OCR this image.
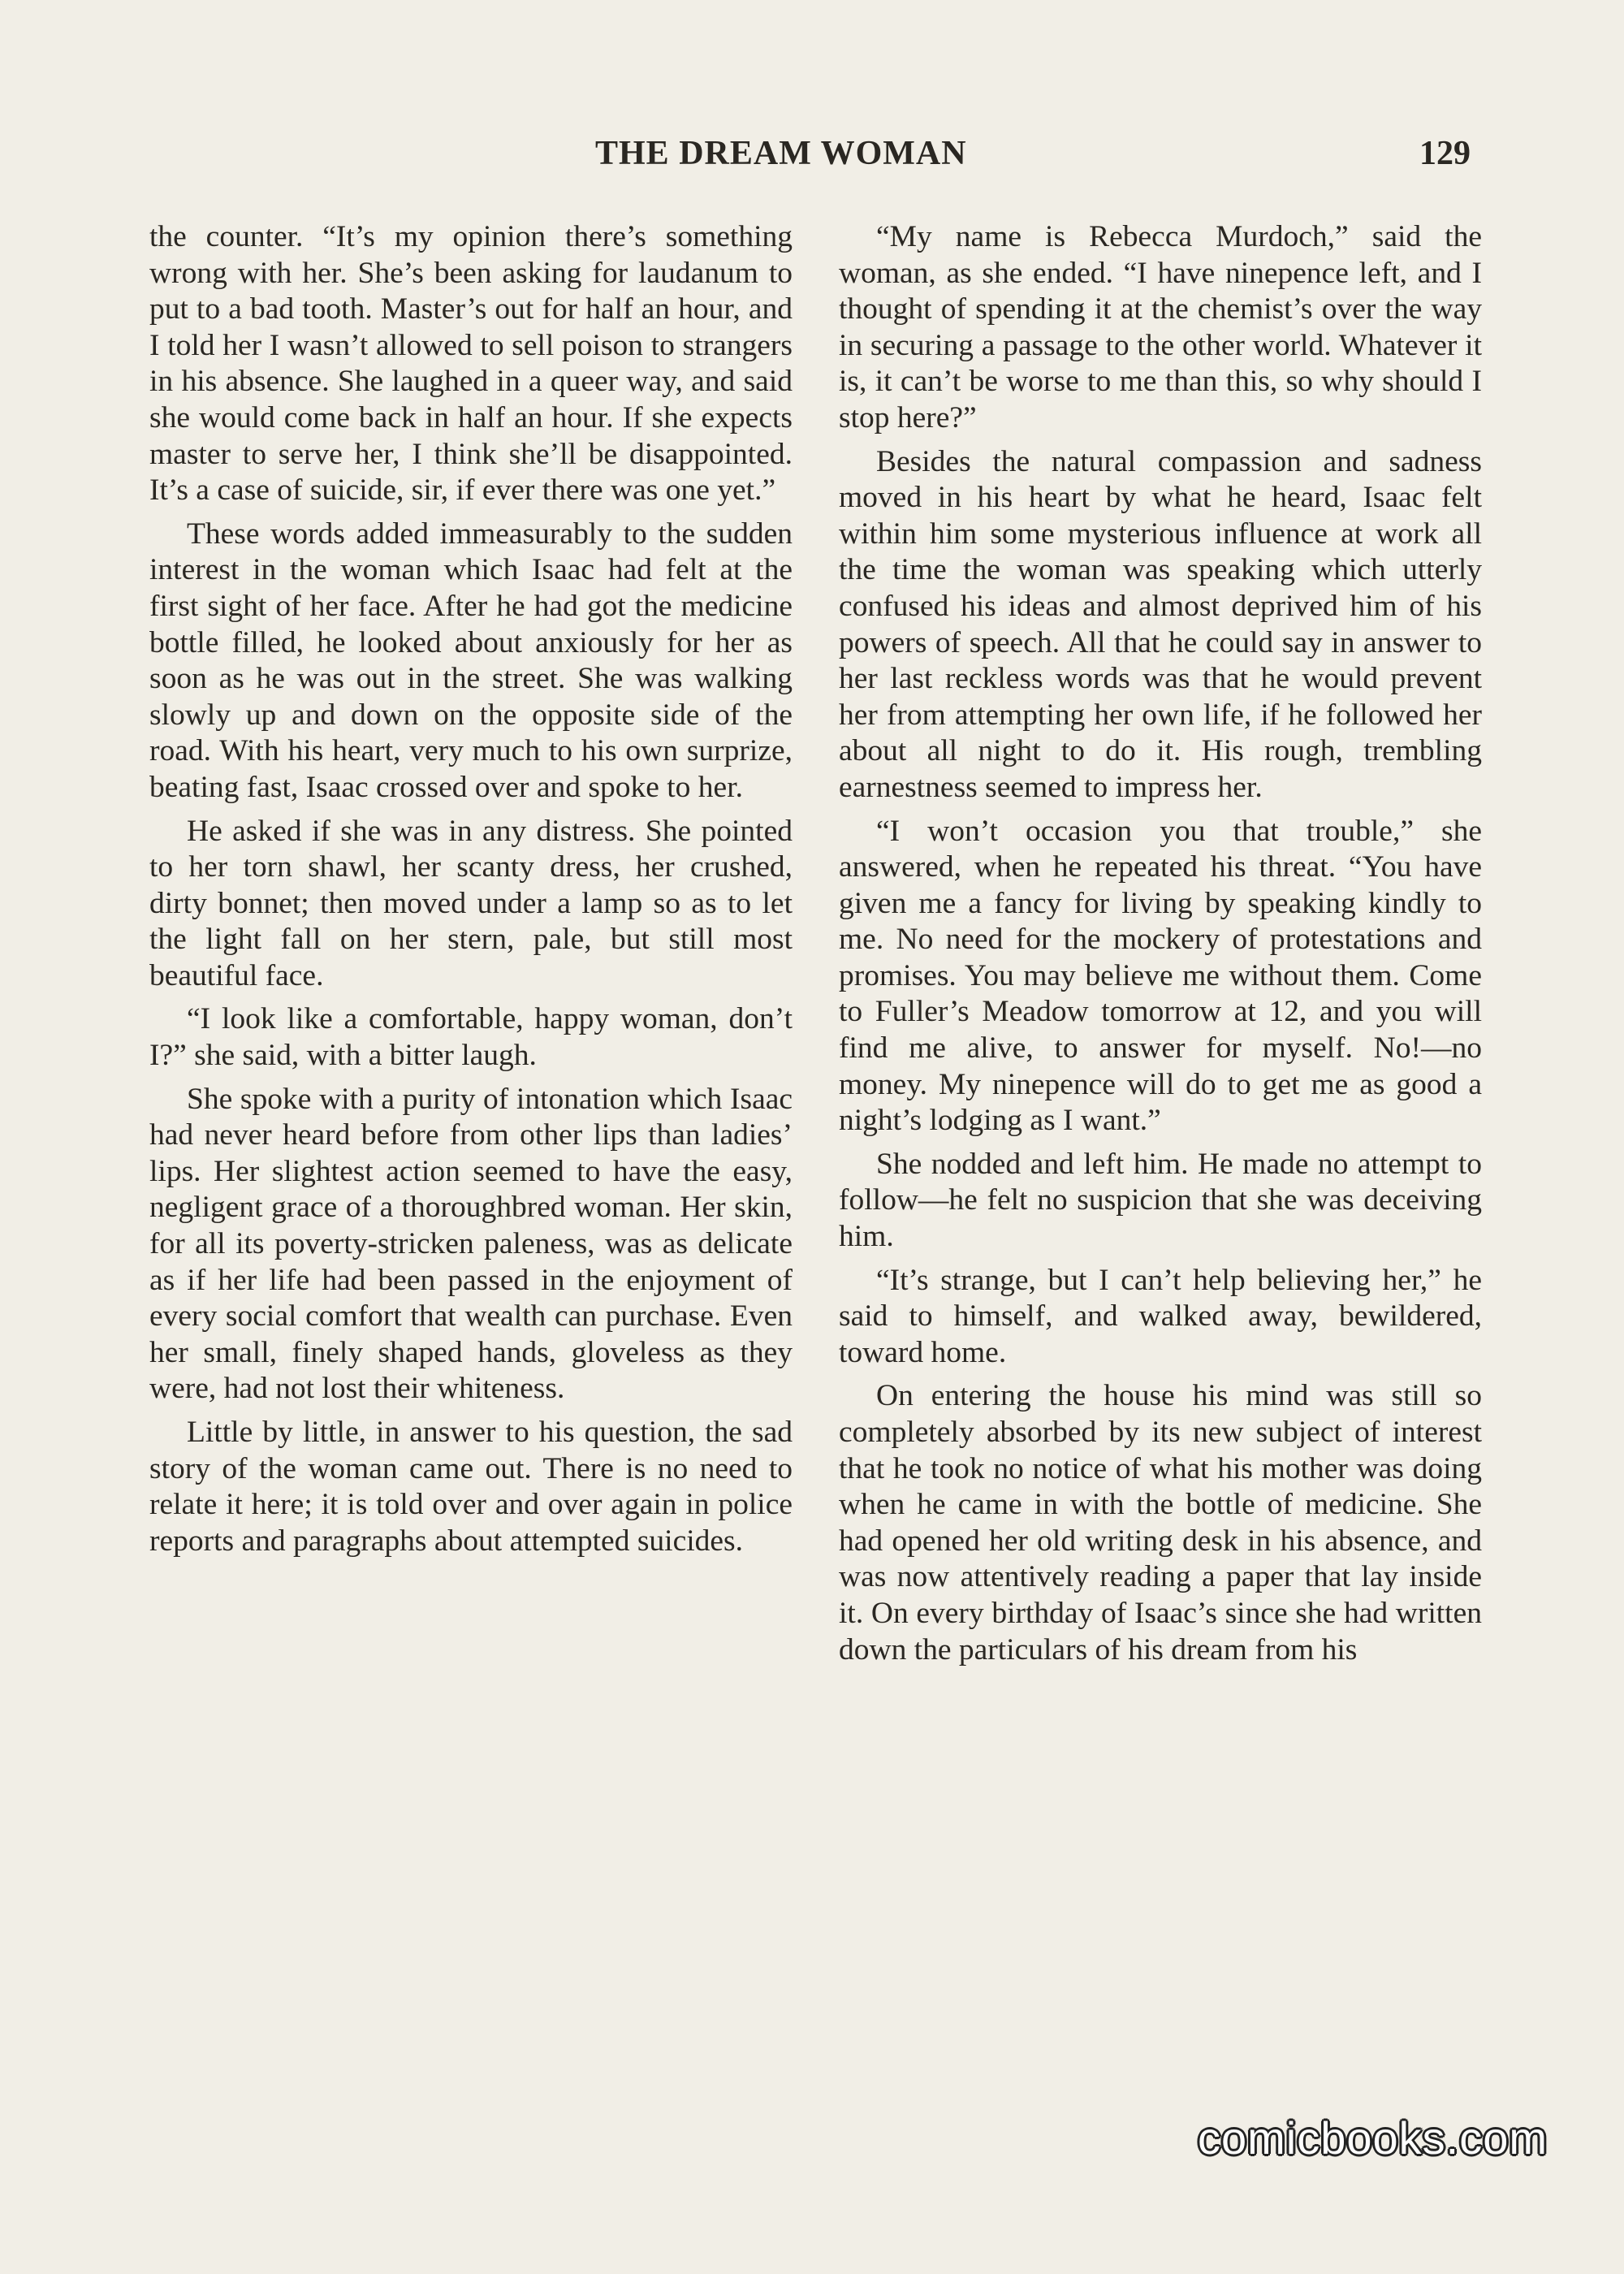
THE DREAM WOMAN	129

the counter. “It’s my opinion there’s something wrong with her. She’s been asking for laudanum to put to a bad tooth. Master’s out for half an hour, and I told her I wasn’t allowed to sell poison to strangers in his absence. She laughed in a queer way, and said she would come back in half an hour. If she expects master to serve her, I think she’ll be disappointed. It’s a case of suicide, sir, if ever there was one yet.”

These words added immeasurably to the sudden interest in the woman which Isaac had felt at the first sight of her face. After he had got the medicine bottle filled, he looked about anxiously for her as soon as he was out in the street. She was walking slowly up and down on the opposite side of the road. With his heart, very much to his own surprize, beating fast, Isaac crossed over and spoke to her.

He asked if she was in any distress. She pointed to her torn shawl, her scanty dress, her crushed, dirty bonnet; then moved under a lamp so as to let the light fall on her stern, pale, but still most beautiful face.

“I look like a comfortable, happy woman, don’t I?” she said, with a bitter laugh.

She spoke with a purity of intonation which Isaac had never heard before from other lips than ladies’ lips. Her slightest action seemed to have the easy, negligent grace of a thoroughbred woman. Her skin, for all its poverty-stricken paleness, was as delicate as if her life had been passed in the enjoyment of every social comfort that wealth can purchase. Even her small, finely shaped hands, gloveless as they were, had not lost their whiteness.

Little by little, in answer to his question, the sad story of the woman came out. There is no need to relate it here; it is told over and over again in police reports and paragraphs about attempted suicides.

“My name is Rebecca Murdoch,” said the woman, as she ended. “I have ninepence left, and I thought of spending it at the chemist’s over the way in securing a passage to the other world. Whatever it is, it can’t be worse to me than this, so why should I stop here?”

Besides the natural compassion and sadness moved in his heart by what he heard, Isaac felt within him some mysterious influence at work all the time the woman was speaking which utterly confused his ideas and almost deprived him of his powers of speech. All that he could say in answer to her last reckless words was that he would prevent her from attempting her own life, if he followed her about all night to do it. His rough, trembling earnestness seemed to impress her.

“I won’t occasion you that trouble,” she answered, when he repeated his threat. “You have given me a fancy for living by speaking kindly to me. No need for the mockery of protestations and promises. You may believe me without them. Come to Fuller’s Meadow tomorrow at 12, and you will find me alive, to answer for myself. No!—no money. My ninepence will do to get me as good a night’s lodging as I want.”

She nodded and left him. He made no attempt to follow—he felt no suspicion that she was deceiving him.

“It’s strange, but I can’t help believing her,” he said to himself, and walked away, bewildered, toward home.

On entering the house his mind was still so completely absorbed by its new subject of interest that he took no notice of what his mother was doing when he came in with the bottle of medicine. She had opened her old writing desk in his absence, and was now attentively reading a paper that lay inside it. On every birthday of Isaac’s since she had written down the particulars of his dream from his

comicbooks.com
